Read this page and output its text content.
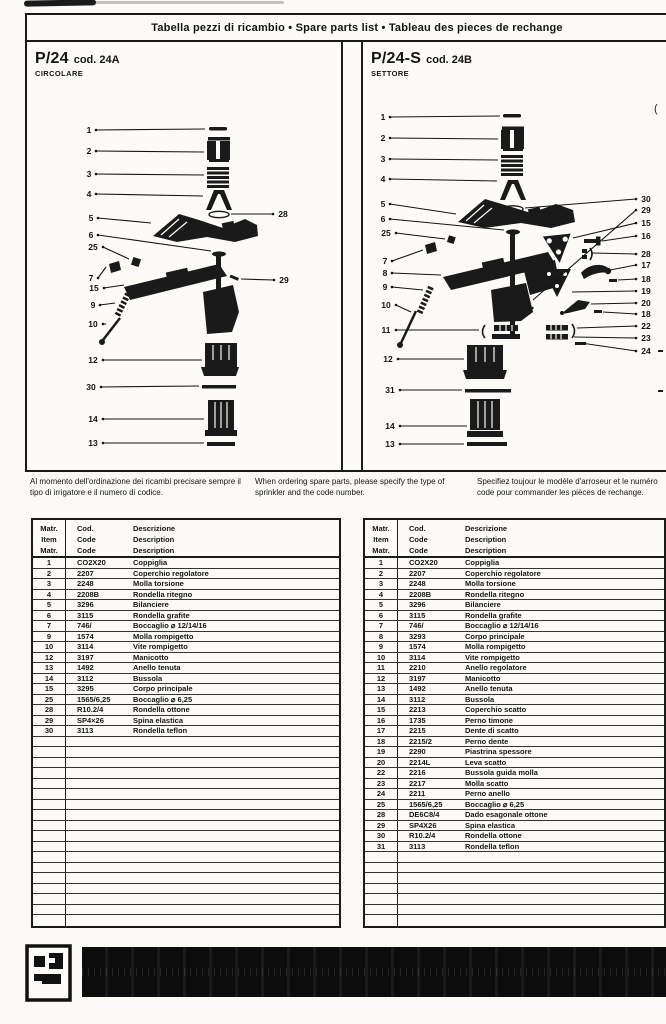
Tabella pezzi di ricambio • Spare parts list • Tableau des pieces de rechange
P/24 cod. 24A
CIRCOLARE
1
2
3
4
5
6
25
7
15
9
10
12
30
14
13
28
29
P/24-S cod. 24B
SETTORE
(
1
2
3
4
5
6
25
7
8
9
10
11
12
31
14
13
30
29
15
16
28
17
18
19
20
18
22
23
24
Al momento dell'ordinazione dei ricambi precisare sempre il tipo di irrigatore e il numero di codice.
When ordering spare parts, please specify the type of sprinkler and the code number.
Specifiez toujour le modèle d'arroseur et le numéro code pour commander les pièces de rechange.
Matr.
Item
Matr.
Cod.
Code
Code
Descrizione
Description
Description
1	CO2X20	Coppiglia
2	2207	Coperchio regolatore
3	2248	Molla torsione
4	2208B	Rondella ritegno
5	3296	Bilanciere
6	3115	Rondella grafite
7	746/	Boccaglio ⌀ 12/14/16
9	1574	Molla rompigetto
10	3114	Vite rompigetto
12	3197	Manicotto
13	1492	Anello tenuta
14	3112	Bussola
15	3295	Corpo principale
25	1565/6,25	Boccaglio ⌀ 6,25
28	R10.2/4	Rondella ottone
29	SP4×26	Spina elastica
30	3113	Rondella teflon
Matr.
Item
Matr.
Cod.
Code
Code
Descrizione
Description
Description
1	CO2X20	Coppiglia
2	2207	Coperchio regolatore
3	2248	Molla torsione
4	2208B	Rondella ritegno
5	3296	Bilanciere
6	3115	Rondella grafite
7	746/	Boccaglio ⌀ 12/14/16
8	3293	Corpo principale
9	1574	Molla rompigetto
10	3114	Vite rompigetto
11	2210	Anello regolatore
12	3197	Manicotto
13	1492	Anello tenuta
14	3112	Bussola
15	2213	Coperchio scatto
16	1735	Perno timone
17	2215	Dente di scatto
18	2215/2	Perno dente
19	2290	Piastrina spessore
20	2214L	Leva scatto
22	2216	Bussola guida molla
23	2217	Molla scatto
24	2211	Perno anello
25	1565/6,25	Boccaglio ⌀ 6,25
28	DE6C8/4	Dado esagonale ottone
29	SP4X26	Spina elastica
30	R10.2/4	Rondella ottone
31	3113	Rondella teflon
